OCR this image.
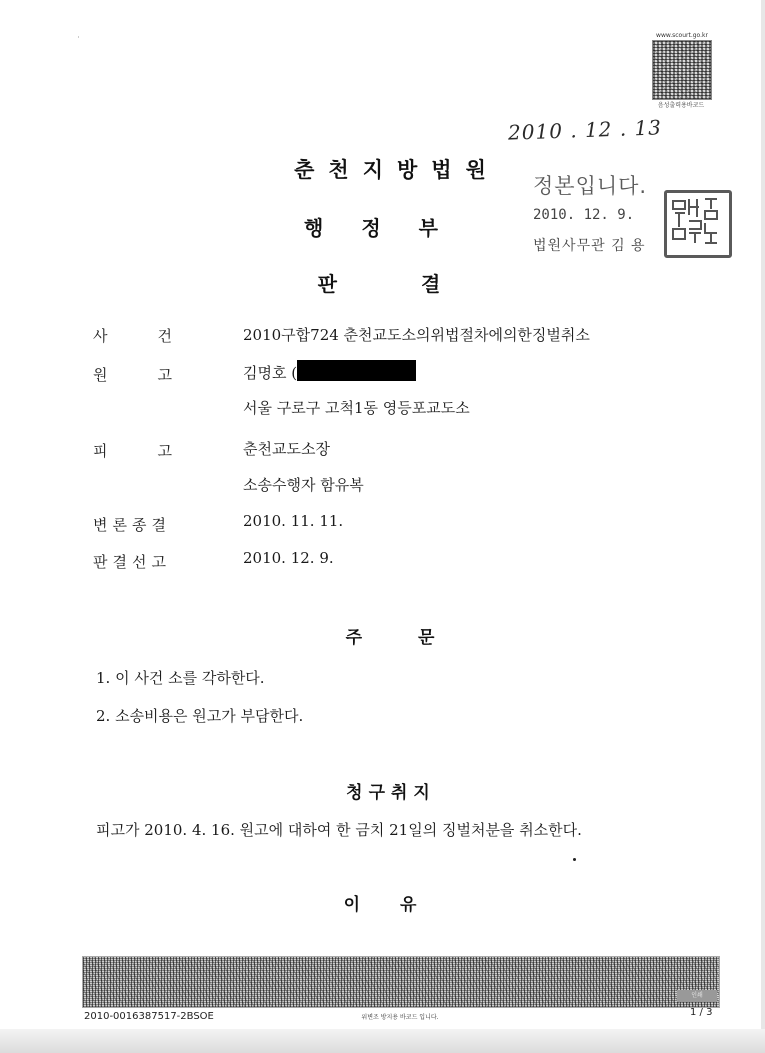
˙
www.scourt.go.kr
음성출력용바코드
2010 . 12 . 13
정본입니다.
2010. 12. 9.
법원사무관 김 용
춘천지방법원
행정부
판결
사건 2010구합724 춘천교도소의위법절차에의한징벌취소
원고 김명호 (
서울 구로구 고척1동 영등포교도소
피고 춘천교도소장
소송수행자 함유복
변론종결	2010. 11. 11.
판결선고	2010. 12. 9.
주문
1. 이 사건 소를 각하한다.
2. 소송비용은 원고가 부담한다.
청구취지
피고가 2010. 4. 16. 원고에 대하여 한 금치 21일의 징벌처분을 취소한다.
이유
인쇄
2010-0016387517-2BSOE	위변조 방지용 바코드 입니다.	1 / 3
